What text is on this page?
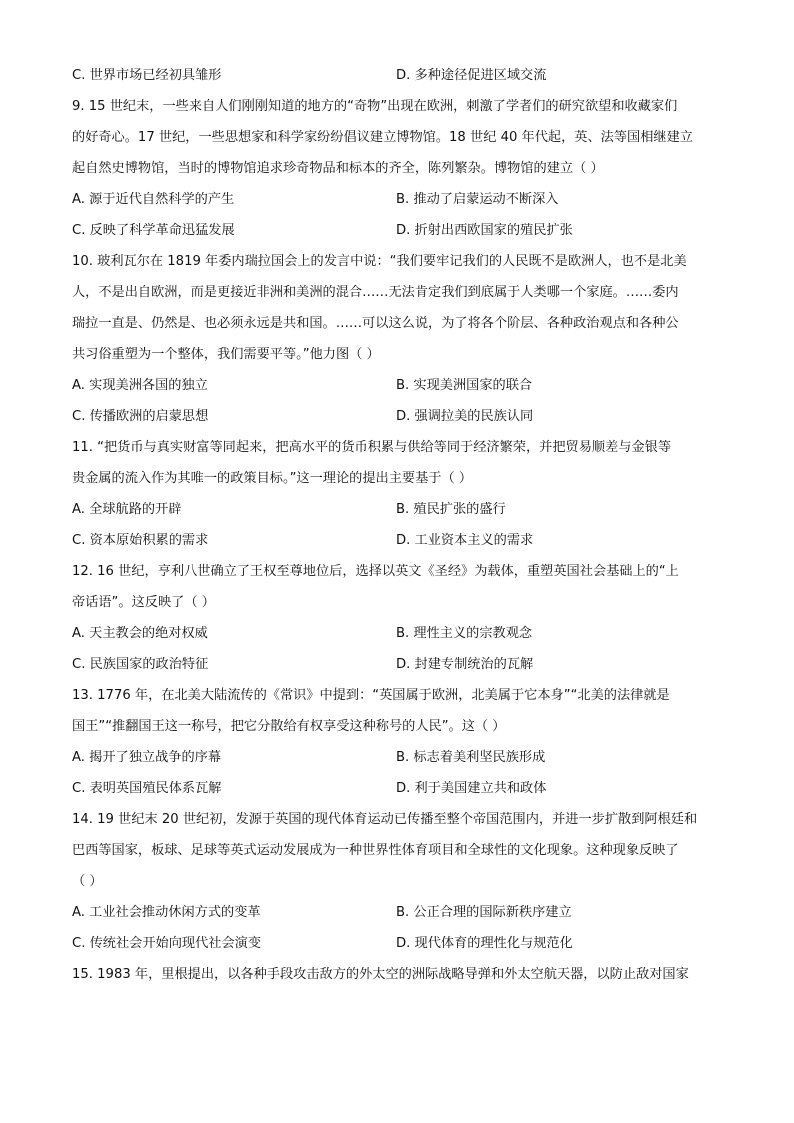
C. 世界市场已经初具雏形	D. 多种途径促进区域交流

9. 15 世纪末，一些来自人们刚刚知道的地方的“奇物”出现在欧洲，刺激了学者们的研究欲望和收藏家们

的好奇心。17 世纪，一些思想家和科学家纷纷倡议建立博物馆。18 世纪 40 年代起，英、法等国相继建立

起自然史博物馆，当时的博物馆追求珍奇物品和标本的齐全，陈列繁杂。博物馆的建立（ ）

A. 源于近代自然科学的产生	B. 推动了启蒙运动不断深入
C. 反映了科学革命迅猛发展	D. 折射出西欧国家的殖民扩张

10. 玻利瓦尔在 1819 年委内瑞拉国会上的发言中说：“我们要牢记我们的人民既不是欧洲人，也不是北美

人，不是出自欧洲，而是更接近非洲和美洲的混合……无法肯定我们到底属于人类哪一个家庭。……委内

瑞拉一直是、仍然是、也必须永远是共和国。……可以这么说，为了将各个阶层、各种政治观点和各种公

共习俗重塑为一个整体，我们需要平等。”他力图（ ）

A. 实现美洲各国的独立	B. 实现美洲国家的联合
C. 传播欧洲的启蒙思想	D. 强调拉美的民族认同

11. “把货币与真实财富等同起来，把高水平的货币积累与供给等同于经济繁荣，并把贸易顺差与金银等

贵金属的流入作为其唯一的政策目标。”这一理论的提出主要基于（ ）

A. 全球航路的开辟	B. 殖民扩张的盛行
C. 资本原始积累的需求	D. 工业资本主义的需求

12. 16 世纪，亨利八世确立了王权至尊地位后，选择以英文《圣经》为载体，重塑英国社会基础上的“上

帝话语”。这反映了（ ）

A. 天主教会的绝对权威	B. 理性主义的宗教观念
C. 民族国家的政治特征	D. 封建专制统治的瓦解

13. 1776 年，在北美大陆流传的《常识》中提到：“英国属于欧洲，北美属于它本身”“北美的法律就是

国王”“推翻国王这一称号，把它分散给有权享受这种称号的人民”。这（ ）

A. 揭开了独立战争的序幕	B. 标志着美利坚民族形成
C. 表明英国殖民体系瓦解	D. 利于美国建立共和政体

14. 19 世纪末 20 世纪初，发源于英国的现代体育运动已传播至整个帝国范围内，并进一步扩散到阿根廷和

巴西等国家，板球、足球等英式运动发展成为一种世界性体育项目和全球性的文化现象。这种现象反映了

（ ）

A. 工业社会推动休闲方式的变革	B. 公正合理的国际新秩序建立
C. 传统社会开始向现代社会演变	D. 现代体育的理性化与规范化

15. 1983 年，里根提出，以各种手段攻击敌方的外太空的洲际战略导弹和外太空航天器，以防止敌对国家
